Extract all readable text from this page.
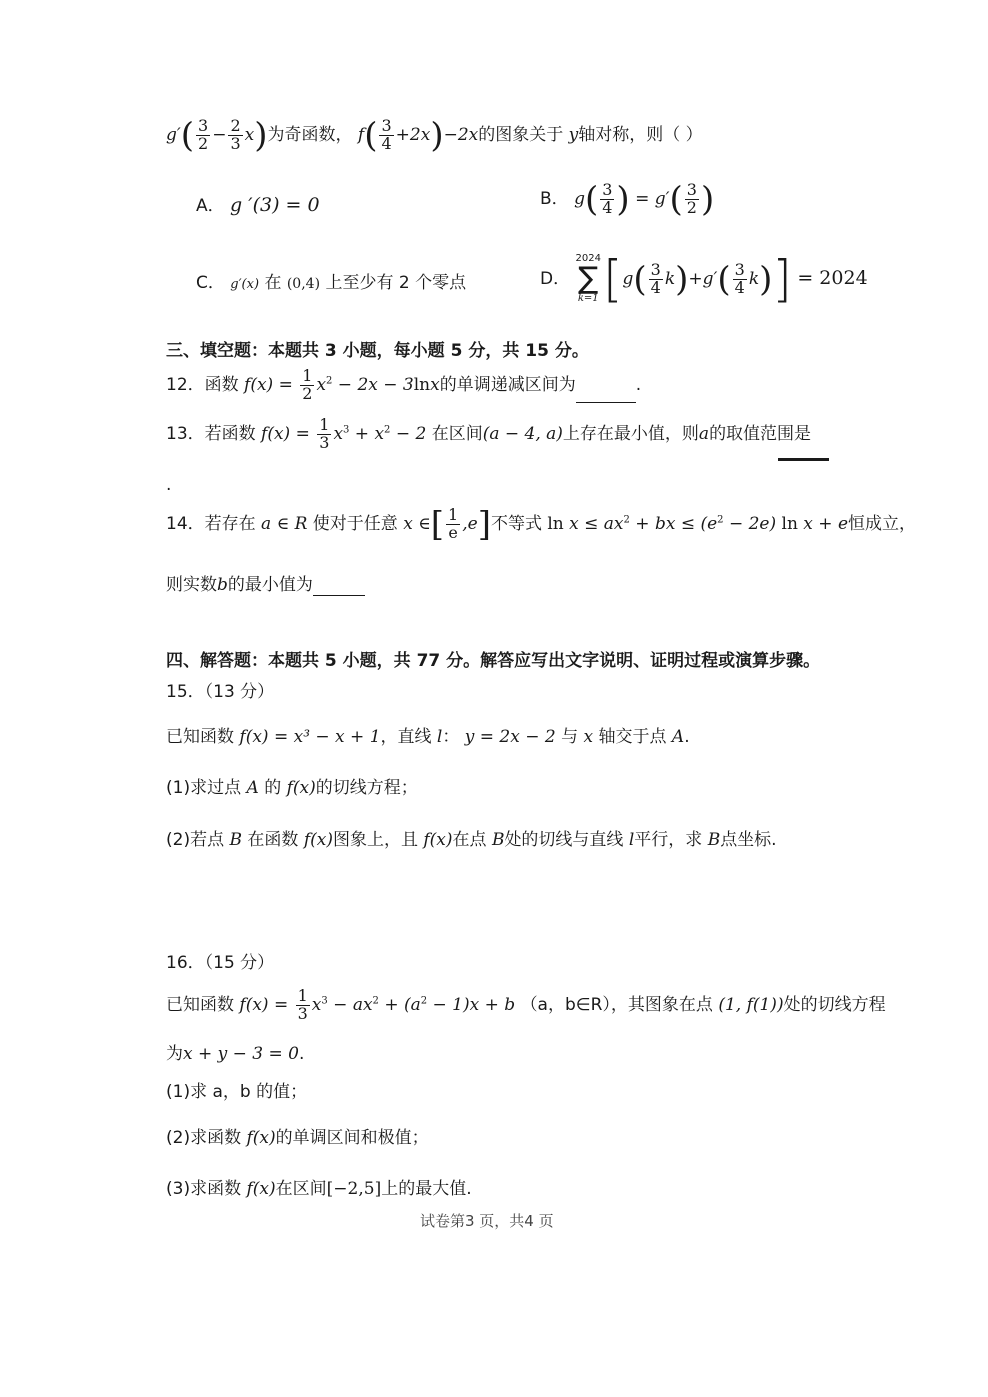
$g'( \frac{3}{2} - \frac{2}{3} x)$为奇函数， $f( \frac{3}{4} +2x)-2x$的图象关于 y轴对称，则（ ）
A． g ′(3) = 0	B． $g( \frac{3}{4}$ ) = $g'( \frac{3}{2}$ )
C． g′(x) 在 (0,4) 上至少有 2 个零点	D．
2024
∑
k=1 $[g( \frac{3}{4} k)+g'( \frac{3}{4} k)] = 2024$
三、填空题：本题共 3 小题，每小题 5 分，共 15 分。
12．函数 $f(x) = \frac{1}{2} x^2 - 2x - 3\ln x$的单调递减区间为	.
13．若函数 $f(x) = \frac{1}{3} x^3 + x^2 - 2$ 在区间(a − 4, a)上存在最小值，则a的取值范围是
.
14．若存在 a ∈ R 使对于任意 x ∈[ $\frac{1}{e} ,e$]不等式 $\ln x \le ax^2$ + bx ≤ $(e^2 - 2e)$ ln x + e恒成立，
则实数b的最小值为
四、解答题：本题共 5 小题，共 77 分。解答应写出文字说明、证明过程或演算步骤。
15．（13 分）
已知函数 f(x) = x³ − x + 1，直线 l： y = 2x − 2 与 x 轴交于点 A.
(1)求过点 A 的 f(x)的切线方程；
(2)若点 B 在函数 f(x)图象上，且 f(x)在点 B处的切线与直线 l平行，求 B点坐标.
16．（15 分）
已知函数 $f(x) = \frac{1}{3} x^3 - ax^2 + (a^2 - 1)x + b$ （a，b∈R），其图象在点 (1, f(1))处的切线方程
为x + y − 3 = 0.
(1)求 a，b 的值；
(2)求函数 f(x)的单调区间和极值；
(3)求函数 f(x)在区间[−2,5]上的最大值.
试卷第3 页，共4 页
